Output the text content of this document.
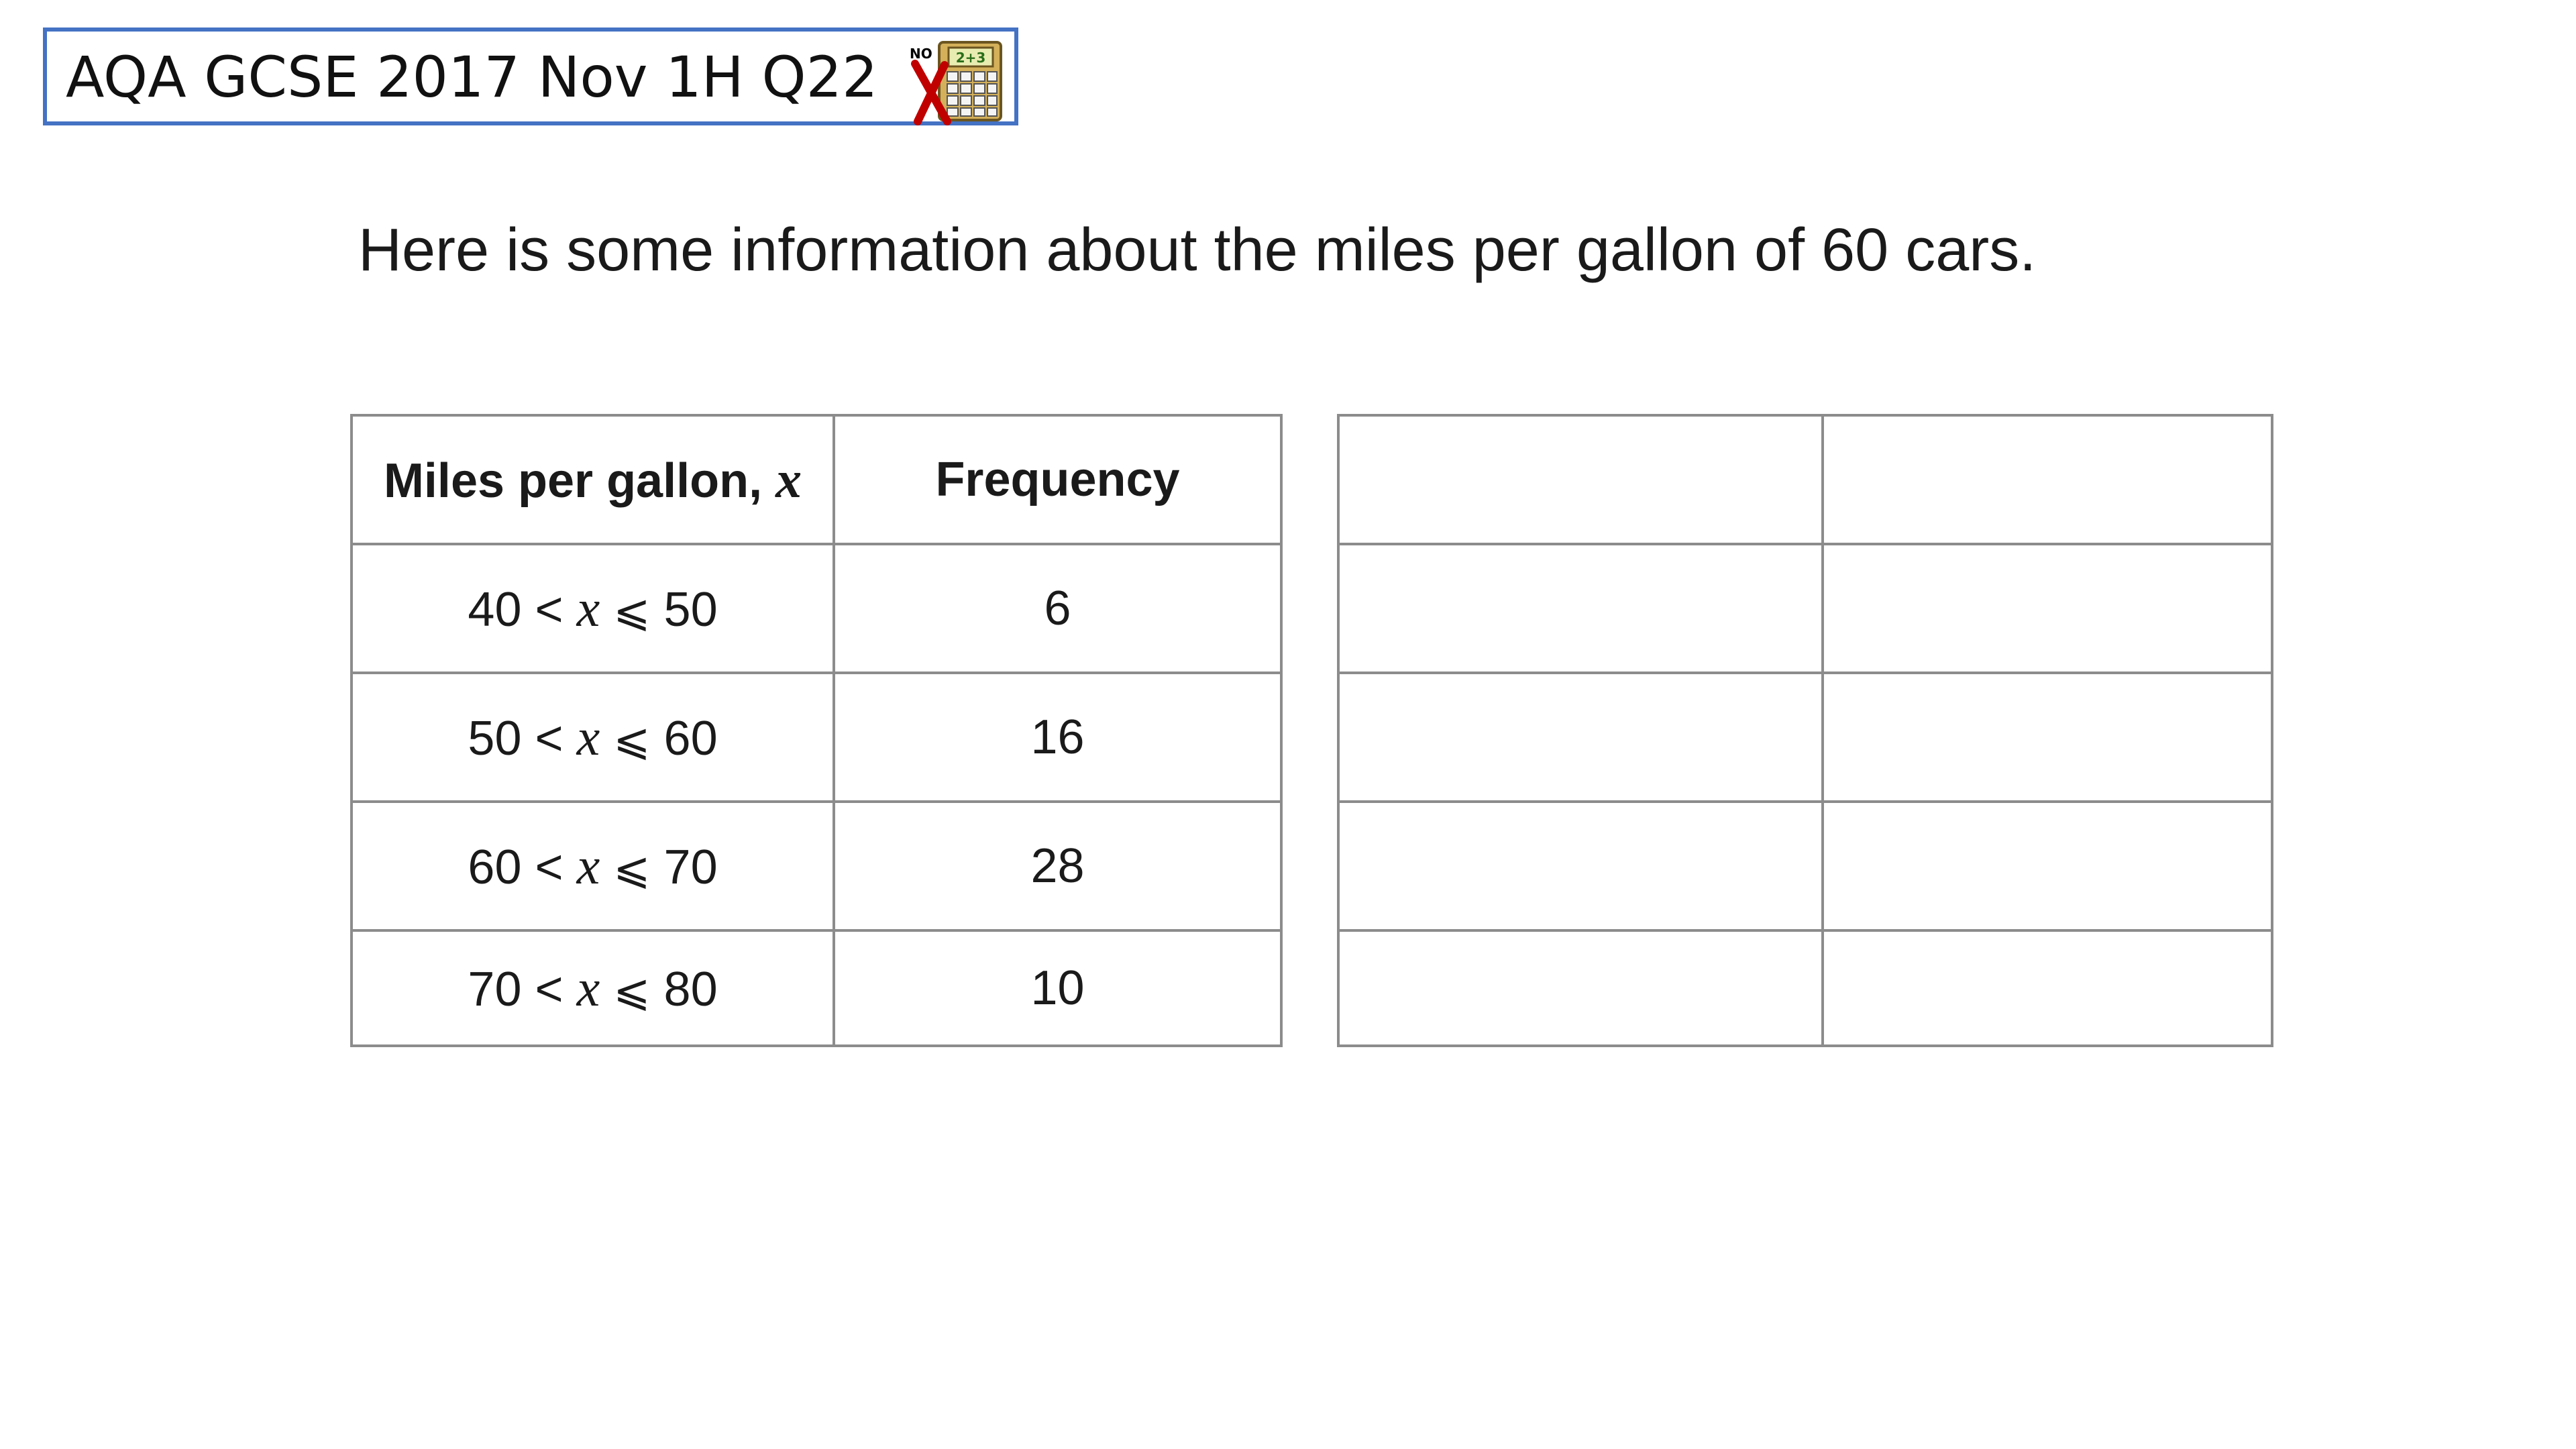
AQA GCSE 2017 Nov 1H Q22	2+3
NO
Here is some information about the miles per gallon of 60 cars.
Miles per gallon, x	Frequency
40 < x ⩽ 50	6
50 < x ⩽ 60	16
60 < x ⩽ 70	28
70 < x ⩽ 80	10
